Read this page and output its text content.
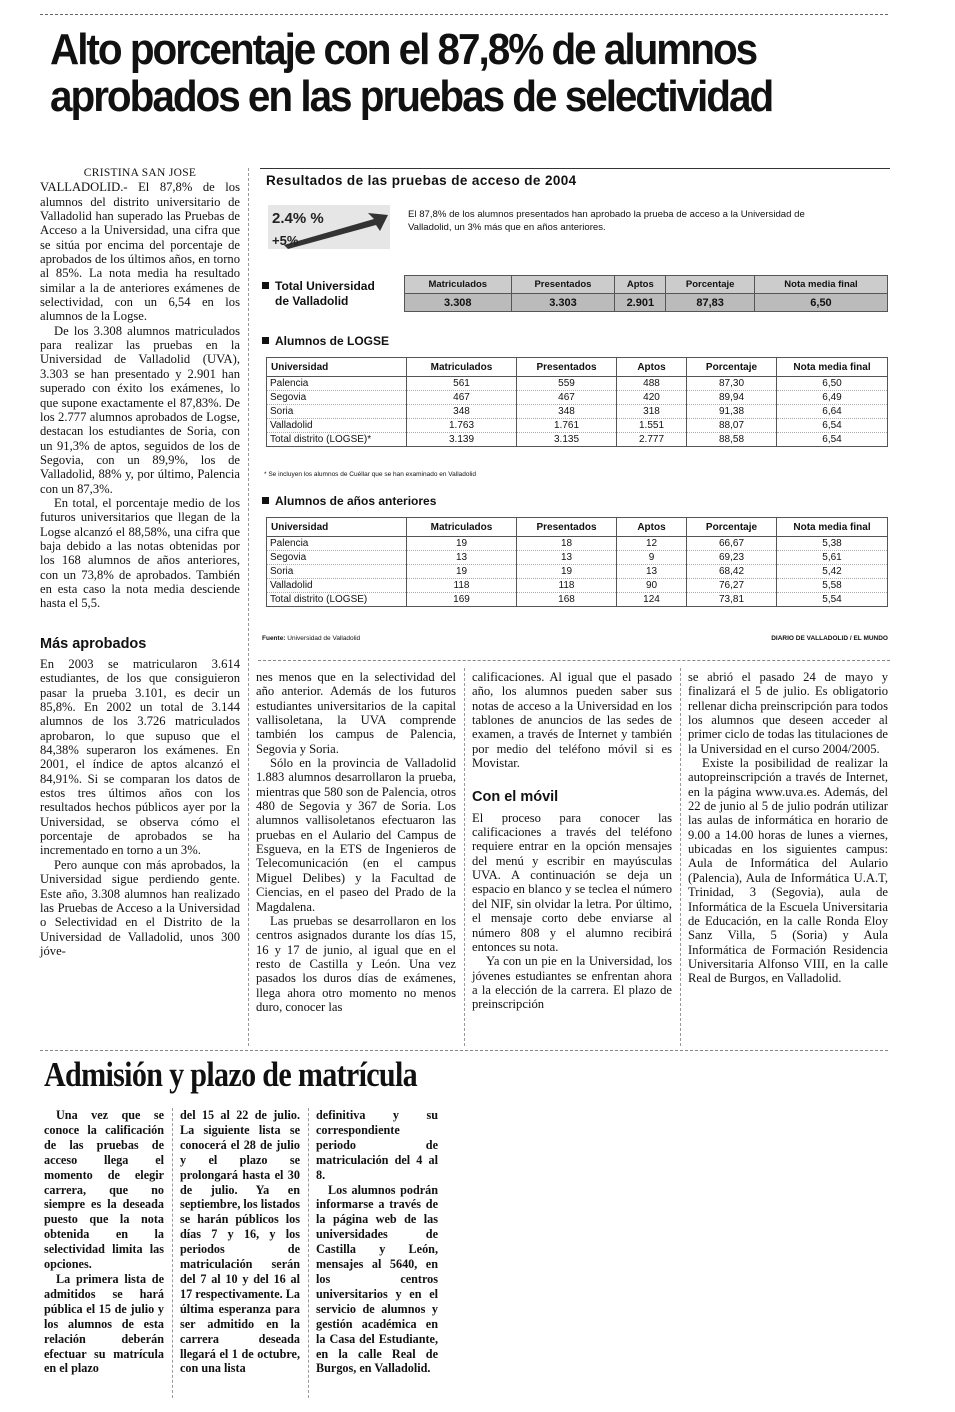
Alto porcentaje con el 87,8% de alumnos
aprobados en las pruebas de selectividad

CRISTINA SAN JOSE

VALLADOLID.- El 87,8% de los alumnos del distrito universitario de Valladolid han superado las Pruebas de Acceso a la Universidad, una cifra que se sitúa por encima del porcentaje de aprobados de los últimos años, en torno al 85%. La nota media ha resultado similar a la de anteriores exámenes de selectividad, con un 6,54 en los alumnos de la Logse.

De los 3.308 alumnos matriculados para realizar las pruebas en la Universidad de Valladolid (UVA), 3.303 se han presentado y 2.901 han superado con éxito los exámenes, lo que supone exactamente el 87,83%. De los 2.777 alumnos aprobados de Logse, destacan los estudiantes de Soria, con un 91,3% de aptos, seguidos de los de Segovia, con un 89,9%, los de Valladolid, 88% y, por último, Palencia con un 87,3%.

En total, el porcentaje medio de los futuros universitarios que llegan de la Logse alcanzó el 88,58%, una cifra que baja debido a las notas obtenidas por los 168 alumnos de años anteriores, con un 73,8% de aprobados. También en esta caso la nota media desciende hasta el 5,5.

Más aprobados

En 2003 se matricularon 3.614 estudiantes, de los que consiguieron pasar la prueba 3.101, es decir un 85,8%. En 2002 un total de 3.144 alumnos de los 3.726 matriculados aprobaron, lo que supuso que el 84,38% superaron los exámenes. En 2001, el índice de aptos alcanzó el 84,91%. Si se comparan los datos de estos tres últimos años con los resultados hechos públicos ayer por la Universidad, se observa cómo el porcentaje de aprobados se ha incrementado en torno a un 3%.

Pero aunque con más aprobados, la Universidad sigue perdiendo gente. Este año, 3.308 alumnos han realizado las Pruebas de Acceso a la Universidad o Selectividad en el Distrito de la Universidad de Valladolid, unos 300 jóve-

Resultados de las pruebas de acceso de 2004
2.4% %
+5%
El 87,8% de los alumnos presentados han aprobado la prueba de acceso a la Universidad de Valladolid, un 3% más que en años anteriores.
Total Universidad
de Valladolid
Matriculados	Presentados	Aptos	Porcentaje	Nota media final
3.308	3.303	2.901	87,83	6,50
Alumnos de LOGSE
Universidad	Matriculados	Presentados	Aptos	Porcentaje	Nota media final
Palencia	561	559	488	87,30	6,50
Segovia	467	467	420	89,94	6,49
Soria	348	348	318	91,38	6,64
Valladolid	1.763	1.761	1.551	88,07	6,54
Total distrito (LOGSE)*	3.139	3.135	2.777	88,58	6,54
* Se incluyen los alumnos de Cuéllar que se han examinado en Valladolid
Alumnos de años anteriores
Universidad	Matriculados	Presentados	Aptos	Porcentaje	Nota media final
Palencia	19	18	12	66,67	5,38
Segovia	13	13	9	69,23	5,61
Soria	19	19	13	68,42	5,42
Valladolid	118	118	90	76,27	5,58
Total distrito (LOGSE)	169	168	124	73,81	5,54
Fuente: Universidad de Valladolid	DIARIO DE VALLADOLID / EL MUNDO

nes menos que en la selectividad del año anterior. Además de los futuros estudiantes universitarios de la capital vallisoletana, la UVA comprende también los campus de Palencia, Segovia y Soria.

Sólo en la provincia de Valladolid 1.883 alumnos desarrollaron la prueba, mientras que 580 son de Palencia, otros 480 de Segovia y 367 de Soria. Los alumnos vallisoletanos efectuaron las pruebas en el Aulario del Campus de Esgueva, en la ETS de Ingenieros de Telecomunicación (en el campus Miguel Delibes) y la Facultad de Ciencias, en el paseo del Prado de la Magdalena.

Las pruebas se desarrollaron en los centros asignados durante los días 15, 16 y 17 de junio, al igual que en el resto de Castilla y León. Una vez pasados los duros días de exámenes, llega ahora otro momento no menos duro, conocer las

calificaciones. Al igual que el pasado año, los alumnos pueden saber sus notas de acceso a la Universidad en los tablones de anuncios de las sedes de examen, a través de Internet y también por medio del teléfono móvil si es Movistar.

Con el móvil

El proceso para conocer las calificaciones a través del teléfono requiere entrar en la opción mensajes del menú y escribir en mayúsculas UVA. A continuación se deja un espacio en blanco y se teclea el número del NIF, sin olvidar la letra. Por último, el mensaje corto debe enviarse al número 808 y el alumno recibirá entonces su nota.

Ya con un pie en la Universidad, los jóvenes estudiantes se enfrentan ahora a la elección de la carrera. El plazo de preinscripción

se abrió el pasado 24 de mayo y finalizará el 5 de julio. Es obligatorio rellenar dicha preinscripción para todos los alumnos que deseen acceder al primer ciclo de todas las titulaciones de la Universidad en el curso 2004/2005.

Existe la posibilidad de realizar la autopreinscripción a través de Internet, en la página www.uva.es. Además, del 22 de junio al 5 de julio podrán utilizar las aulas de informática en horario de 9.00 a 14.00 horas de lunes a viernes, ubicadas en los siguientes campus: Aula de Informática del Aulario (Palencia), Aula de Informática U.A.T, Trinidad, 3 (Segovia), aula de Informática de la Escuela Universitaria de Educación, en la calle Ronda Eloy Sanz Villa, 5 (Soria) y Aula Informática de Formación Residencia Universitaria Alfonso VIII, en la calle Real de Burgos, en Valladolid.

Admisión y plazo de matrícula

Una vez que se conoce la calificación de las pruebas de acceso llega el momento de elegir carrera, que no siempre es la deseada puesto que la nota obtenida en la selectividad limita las opciones.

La primera lista de admitidos se hará pública el 15 de julio y los alumnos de esta relación deberán efectuar su matrícula en el plazo

del 15 al 22 de julio. La siguiente lista se conocerá el 28 de julio y el plazo se prolongará hasta el 30 de julio. Ya en septiembre, los listados se harán públicos los días 7 y 16, y los periodos de matriculación serán del 7 al 10 y del 16 al 17 respectivamente. La última esperanza para ser admitido en la carrera deseada llegará el 1 de octubre, con una lista

definitiva y su correspondiente periodo de matriculación del 4 al 8.

Los alumnos podrán informarse a través de la página web de las universidades de Castilla y León, mensajes al 5640, en los centros universitarios y en el servicio de alumnos y gestión académica en la Casa del Estudiante, en la calle Real de Burgos, en Valladolid.
